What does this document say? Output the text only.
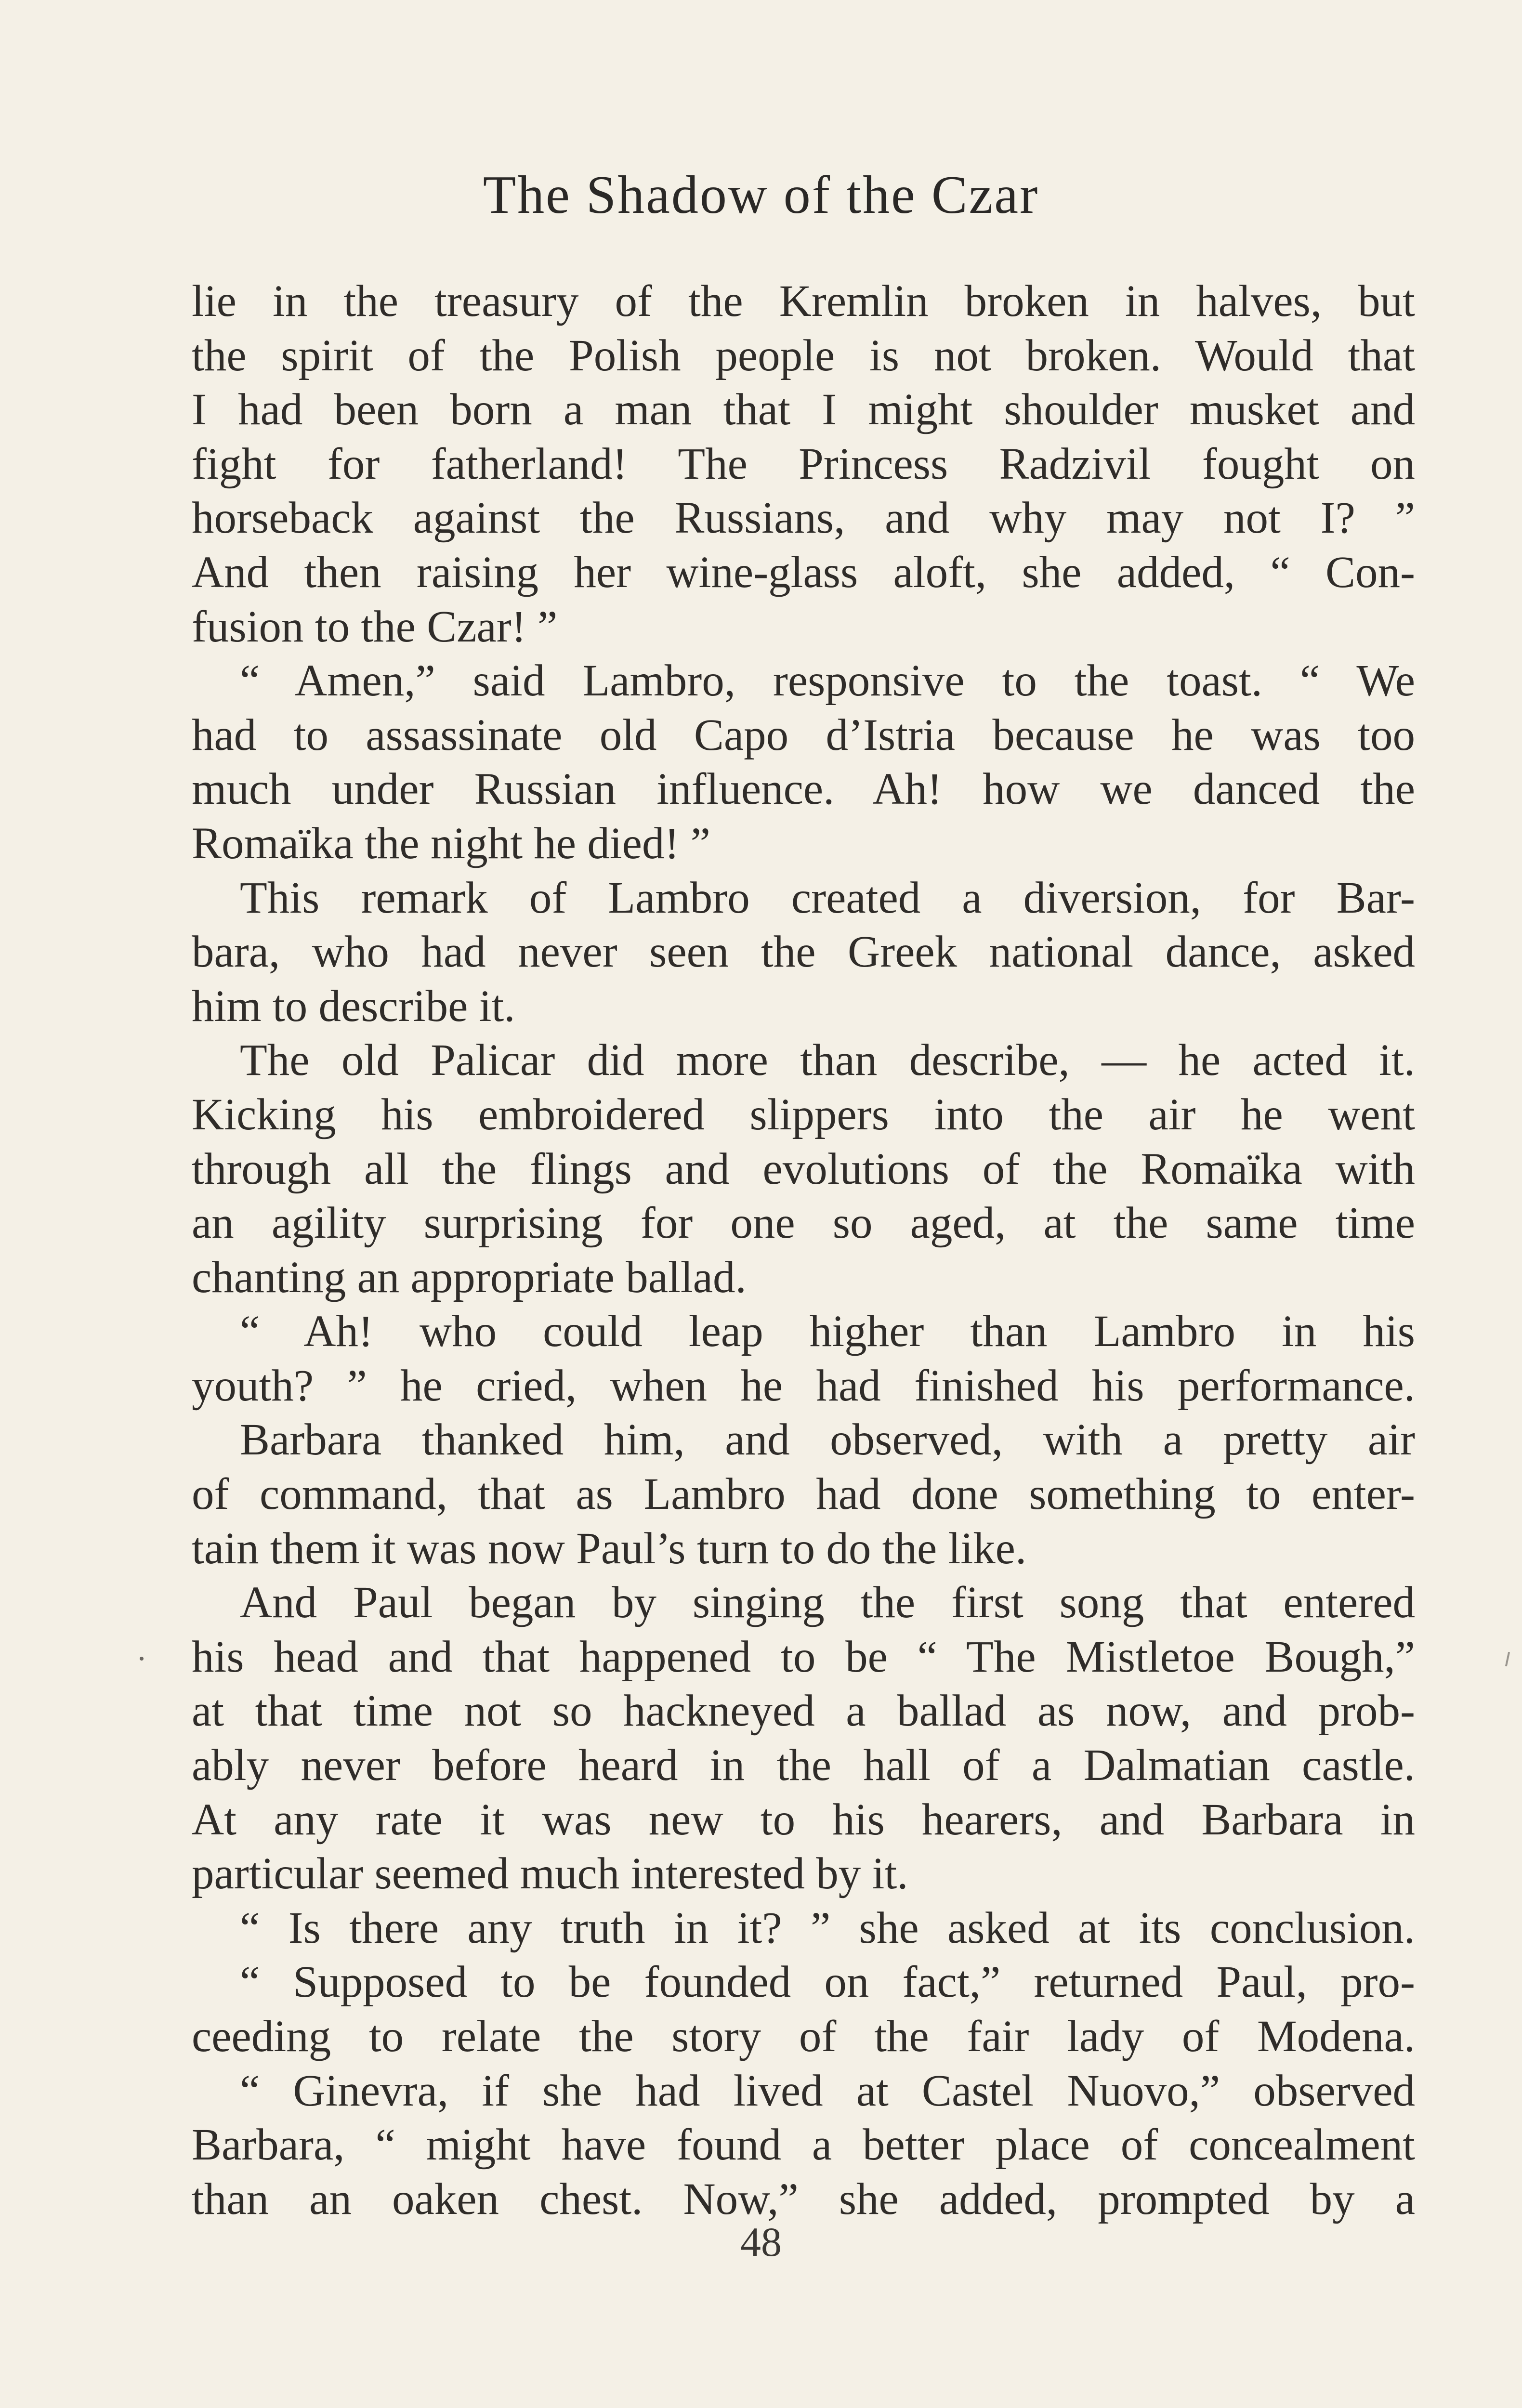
The Shadow of the Czar
lie in the treasury of the Kremlin broken in halves, but
the spirit of the Polish people is not broken. Would that
I had been born a man that I might shoulder musket and
fight for fatherland! The Princess Radzivil fought on
horseback against the Russians, and why may not I? ”
And then raising her wine-glass aloft, she added, “ Con-
fusion to the Czar! ”
“ Amen,” said Lambro, responsive to the toast. “ We
had to assassinate old Capo d’Istria because he was too
much under Russian influence. Ah! how we danced the
Romaïka the night he died! ”
This remark of Lambro created a diversion, for Bar-
bara, who had never seen the Greek national dance, asked
him to describe it.
The old Palicar did more than describe, — he acted it.
Kicking his embroidered slippers into the air he went
through all the flings and evolutions of the Romaïka with
an agility surprising for one so aged, at the same time
chanting an appropriate ballad.
“ Ah! who could leap higher than Lambro in his
youth? ” he cried, when he had finished his performance.
Barbara thanked him, and observed, with a pretty air
of command, that as Lambro had done something to enter-
tain them it was now Paul’s turn to do the like.
And Paul began by singing the first song that entered
his head and that happened to be “ The Mistletoe Bough,”
at that time not so hackneyed a ballad as now, and prob-
ably never before heard in the hall of a Dalmatian castle.
At any rate it was new to his hearers, and Barbara in
particular seemed much interested by it.
“ Is there any truth in it? ” she asked at its conclusion.
“ Supposed to be founded on fact,” returned Paul, pro-
ceeding to relate the story of the fair lady of Modena.
“ Ginevra, if she had lived at Castel Nuovo,” observed
Barbara, “ might have found a better place of concealment
than an oaken chest. Now,” she added, prompted by a
48
